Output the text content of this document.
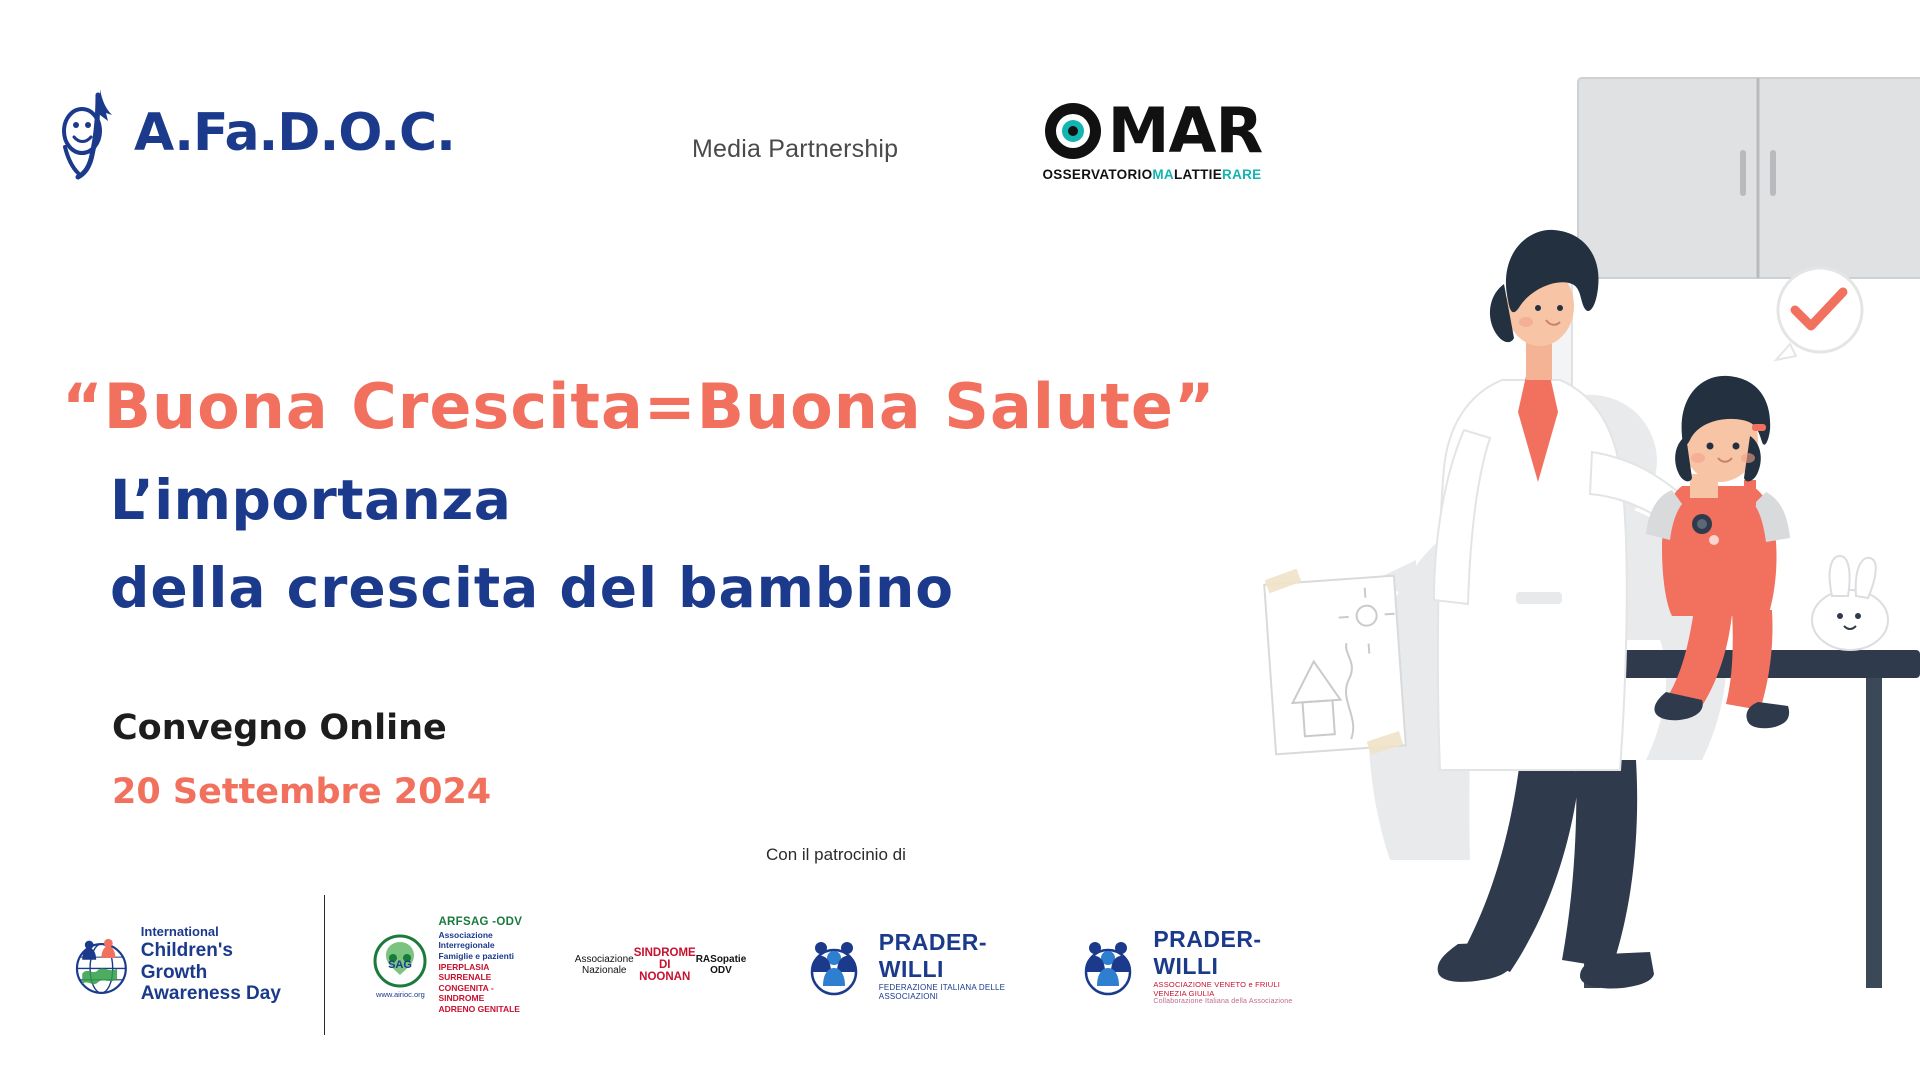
A.Fa.D.O.C.	Media Partnership	MAR
OSSERVATORIOMALATTIERARE
“Buona Crescita=Buona Salute”
L’importanza
della crescita del bambino
Convegno Online
20 Settembre 2024
Con il patrocinio di
International
Children's Growth
Awareness Day
SAG
www.airioc.org
ARFSAG -ODV
Associazione Interregionale
Famiglie e pazienti
IPERPLASIA SURRENALE
CONGENITA - SINDROME
ADRENO GENITALE
Associazione Nazionale
SINDROME DI NOONAN
RASopatie ODV
PRADER-WILLI
FEDERAZIONE ITALIANA DELLE ASSOCIAZIONI
PRADER-WILLI
ASSOCIAZIONE VENETO e FRIULI VENEZIA GIULIA
Collaborazione Italiana della Associazione
